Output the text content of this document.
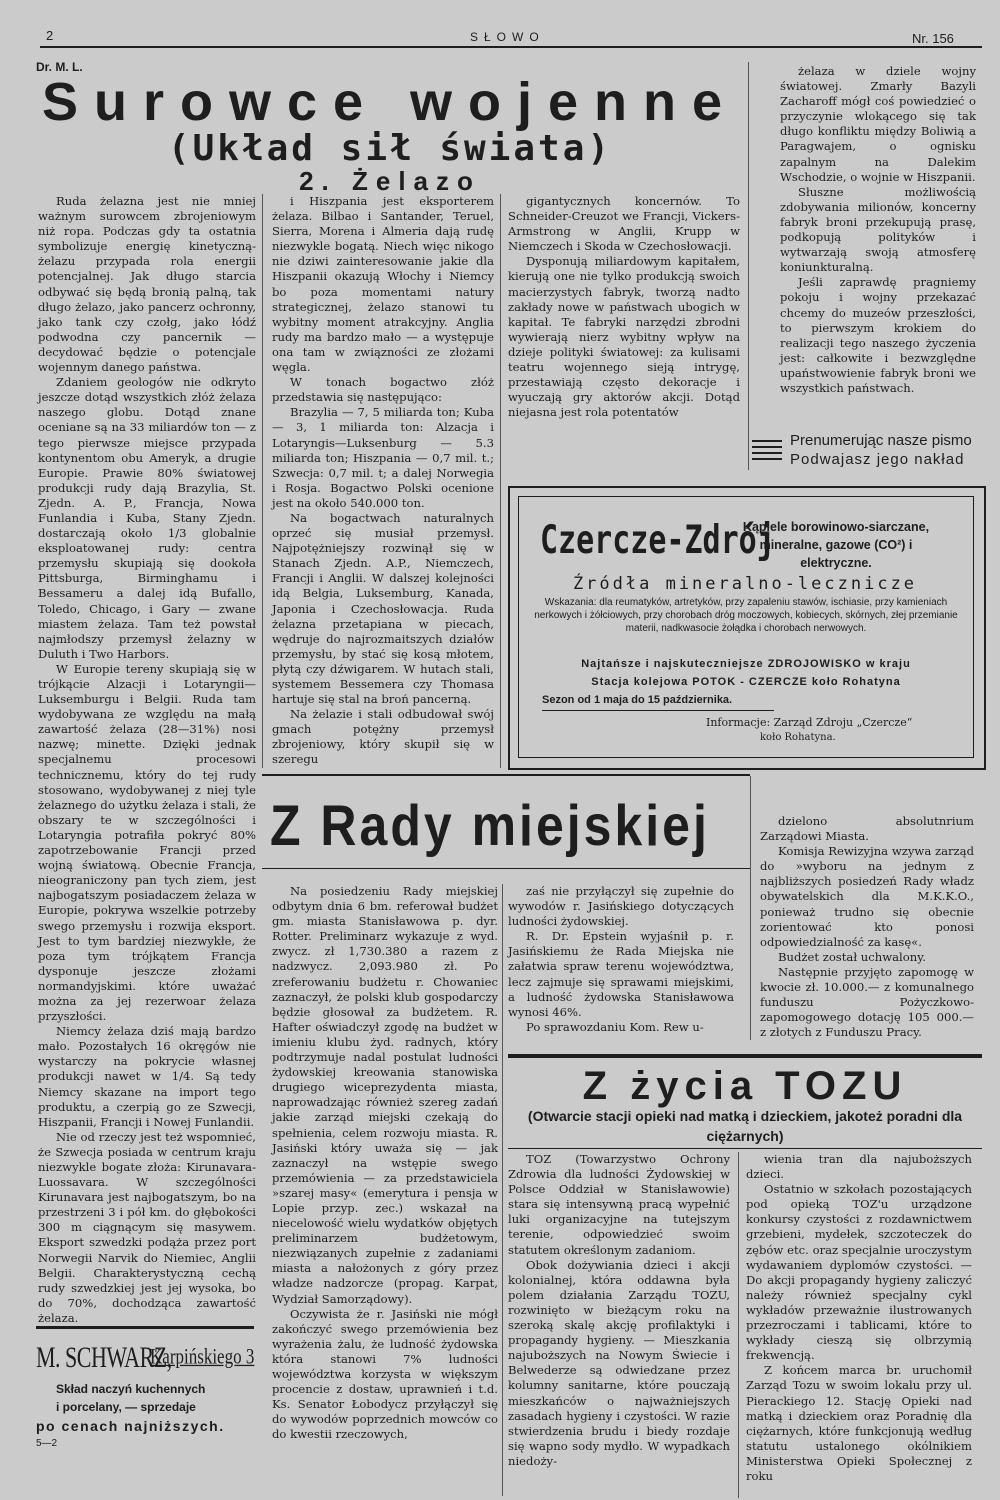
2	SŁOWO	Nr. 156
Dr. M. L.
Surowce wojenne
(Układ sił świata)
2. Żelazo

Ruda żelazna jest nie mniej ważnym surowcem zbrojeniowym niż ropa. Podczas gdy ta ostatnia symbolizuje energię kinetyczną-żelazu przypada rola energii potencjalnej. Jak długo starcia odbywać się będą bronią palną, tak długo żelazo, jako pancerz ochronny, jako tank czy czołg, jako łódź podwodna czy pancernik — decydować będzie o potencjale wojennym danego państwa.

Zdaniem geologów nie odkryto jeszcze dotąd wszystkich złóż żelaza naszego globu. Dotąd znane oceniane są na 33 miliardów ton — z tego pierwsze miejsce przypada kontynentom obu Ameryk, a drugie Europie. Prawie 80% światowej produkcji rudy dają Brazylia, St. Zjedn. A. P., Francja, Nowa Funlandia i Kuba, Stany Zjedn. dostarczają około 1/3 globalnie eksploatowanej rudy: centra przemysłu skupiają się dookoła Pittsburga, Birminghamu i Bessameru a dalej idą Bufallo, Toledo, Chicago, i Gary — zwane miastem żelaza. Tam też powstał najmłodszy przemysł żelazny w Duluth i Two Harbors.

W Europie tereny skupiają się w trójkącie Alzacji i Lotaryngii—Luksemburgu i Belgii. Ruda tam wydobywana ze względu na małą zawartość żelaza (28—31%) nosi nazwę; minette. Dzięki jednak specjalnemu procesowi technicznemu, który do tej rudy stosowano, wydobywanej z niej tyle żelaznego do użytku żelaza i stali, że obszary te w szczególności i Lotaryngia potrafiła pokryć 80% zapotrzebowanie Francji przed wojną światową. Obecnie Francja, nieograniczony pan tych ziem, jest najbogatszym posiadaczem żelaza w Europie, pokrywa wszelkie potrzeby swego przemysłu i rozwija eksport. Jest to tym bardziej niezwykłe, że poza tym trójkątem Francja dysponuje jeszcze złożami normandyjskimi. które uważać można za jej rezerwoar żelaza przyszłości.

Niemcy żelaza dziś mają bardzo mało. Pozostałych 16 okręgów nie wystarczy na pokrycie własnej produkcji nawet w 1/4. Są tedy Niemcy skazane na import tego produktu, a czerpią go ze Szwecji, Hiszpanii, Francji i Nowej Funlandii.

Nie od rzeczy jest też wspomnieć, że Szwecja posiada w centrum kraju niezwykle bogate złoża: Kirunavara-Luossavara. W szczególności Kirunavara jest najbogatszym, bo na przestrzeni 3 i pół km. do głębokości 300 m ciągnącym się masywem. Eksport szwedzki podąża przez port Norwegii Narvik do Niemiec, Anglii Belgii. Charakterystyczną cechą rudy szwedzkiej jest jej wysoka, bo do 70%, dochodząca zawartość żelaza.

i Hiszpania jest eksporterem żelaza. Bilbao i Santander, Teruel, Sierra, Morena i Almeria dają rudę niezwykle bogatą. Niech więc nikogo nie dziwi zainteresowanie jakie dla Hiszpanii okazują Włochy i Niemcy bo poza momentami natury strategicznej, żelazo stanowi tu wybitny moment atrakcyjny. Anglia rudy ma bardzo mało — a występuje ona tam w związności ze złożami węgla.

W tonach bogactwo złóż przedstawia się następująco:

Brazylia — 7, 5 miliarda ton; Kuba — 3, 1 miliarda ton: Alzacja i Lotaryngis—Luksenburg — 5.3 miliarda ton; Hiszpania — 0,7 mil. t.; Szwecja: 0,7 mil. t; a dalej Norwegia i Rosja. Bogactwo Polski ocenione jest na około 540.000 ton.

Na bogactwach naturalnych oprzeć się musiał przemysł. Najpotężniejszy rozwinął się w Stanach Zjedn. A.P., Niemczech, Francji i Anglii. W dalszej kolejności idą Belgia, Luksemburg, Kanada, Japonia i Czechosłowacja. Ruda żelazna przetapiana w piecach, wędruje do najrozmaitszych działów przemysłu, by stać się kosą młotem, płytą czy dźwigarem. W hutach stali, systemem Bessemera czy Thomasa hartuje się stal na broń pancerną.

Na żelazie i stali odbudował swój gmach potężny przemysł zbrojeniowy, który skupił się w szeregu

gigantycznych koncernów. To Schneider-Creuzot we Francji, Vickers-Armstrong w Anglii, Krupp w Niemczech i Skoda w Czechosłowacji.

Dysponują miliardowym kapitałem, kierują one nie tylko produkcją swoich macierzystych fabryk, tworzą nadto zakłady nowe w państwach ubogich w kapitał. Te fabryki narzędzi zbrodni wywierają nierz wybitny wpływ na dzieje polityki światowej: za kulisami teatru wojennego sieją intrygę, przestawiają często dekoracje i wyuczają gry aktorów akcji. Dotąd niejasna jest rola potentatów

żelaza w dziele wojny światowej. Zmarły Bazyli Zacharoff mógł coś powiedzieć o przyczynie wlokącego się tak długo konfliktu między Boliwią a Paragwajem, o ognisku zapalnym na Dalekim Wschodzie, o wojnie w Hiszpanii.

Słuszne możliwością zdobywania milionów, koncerny fabryk broni przekupują prasę, podkopują polityków i wytwarzają swoją atmosferę koniunkturalną.

Jeśli zaprawdę pragniemy pokoju i wojny przekazać chcemy do muzeów przeszłości, to pierwszym krokiem do realizacji tego naszego życzenia jest: całkowite i bezwzględne upaństwowienie fabryk broni we wszystkich państwach.

Prenumerując nasze pismo
Podwajasz jego nakład
Czercze-Zdrój
Kąpiele borowinowo-siarczane, mineralne, gazowe (CO²) i elektryczne.
Źródła mineralno-lecznicze
Wskazania: dla reumatyków, artretyków, przy zapaleniu stawów, ischiasie, przy kamieniach nerkowych i żółciowych, przy chorobach dróg moczowych, kobiecych, skórnych, złej przemianie materii, nadkwasocie żołądka i chorobach nerwowych.
Najtańsze i najskuteczniejsze ZDROJOWISKO w kraju
Stacja kolejowa POTOK - CZERCZE koło Rohatyna
Sezon od 1 maja do 15 października.
Informacje: Zarząd Zdroju „Czercze“
koło Rohatyna.
Z Rady miejskiej

Na posiedzeniu Rady miejskiej odbytym dnia 6 bm. referował budżet gm. miasta Stanisławowa p. dyr. Rotter. Preliminarz wykazuje z wyd. zwycz. zł 1,730.380 a razem z nadzwycz. 2,093.980 zł. Po zreferowaniu budżetu r. Chowaniec zaznaczył, że polski klub gospodarczy będzie głosował za budżetem. R. Hafter oświadczył zgodę na budżet w imieniu klubu żyd. radnych, który podtrzymuje nadal postulat ludności żydowskiej kreowania stanowiska drugiego wiceprezydenta miasta, naprowadzając również szereg zadań jakie zarząd miejski czekają do spełnienia, celem rozwoju miasta. R. Jasiński który uważa się — jak zaznaczył na wstępie swego przemówienia — za przedstawiciela »szarej masy« (emerytura i pensja w Lopie przyp. zec.) wskazał na niecelowość wielu wydatków objętych preliminarzem budżetowym, niezwiązanych zupełnie z zadaniami miasta a nałożonych z góry przez władze nadzorcze (propag. Karpat, Wydział Samorządowy).

Oczywista że r. Jasiński nie mógł zakończyć swego przemówienia bez wyrażenia żalu, że ludność żydowska która stanowi 7% ludności województwa korzysta w większym procencie z dostaw, uprawnień i t.d. Ks. Senator Łobodycz przyłączył się do wywodów poprzednich mowców co do kwestii rzeczowych,

zaś nie przyłączył się zupełnie do wywodów r. Jasińskiego dotyczących ludności żydowskiej.

R. Dr. Epstein wyjaśnił p. r. Jasińskiemu że Rada Miejska nie załatwia spraw terenu województwa, lecz zajmuje się sprawami miejskimi, a ludność żydowska Stanisławowa wynosi 46%.

Po sprawozdaniu Kom. Rew u-

dzielono absolutnrium Zarządowi Miasta.

Komisja Rewizyjna wzywa zarząd do »wyboru na jednym z najbliższych posiedzeń Rady władz obywatelskich dla M.K.K.O., ponieważ trudno się obecnie zorientować kto ponosi odpowiedzialność za kasę«.

Budżet został uchwalony.

Następnie przyjęto zapomogę w kwocie zł. 10.000.— z komunalnego funduszu Pożyczkowo-zapomogowego dotację 105 000.— z złotych z Funduszu Pracy.

Z życia TOZU
(Otwarcie stacji opieki nad matką i dzieckiem, jakoteż poradni dla ciężarnych)

TOZ (Towarzystwo Ochrony Zdrowia dla ludności Żydowskiej w Polsce Oddział w Stanisławowie) stara się intensywną pracą wypełnić luki organizacyjne na tutejszym terenie, odpowiedzieć swoim statutem określonym zadaniom.

Obok dożywiania dzieci i akcji kolonialnej, która oddawna była polem działania Zarządu TOZU, rozwinięto w bieżącym roku na szeroką skalę akcję profilaktyki i propagandy hygieny. — Mieszkania najuboższych na Nowym Świecie i Belwederze są odwiedzane przez kolumny sanitarne, które pouczają mieszkańców o najważniejszych zasadach hygieny i czystości. W razie stwierdzenia brudu i biedy rozdaje się wapno sody mydło. W wypadkach niedoży-

wienia tran dla najuboższych dzieci.

Ostatnio w szkołach pozostających pod opieką TOZ'u urządzone konkursy czystości z rozdawnictwem grzebieni, mydełek, szczoteczek do zębów etc. oraz specjalnie uroczystym wydawaniem dyplomów czystości. — Do akcji propagandy hygieny zaliczyć należy również specjalny cykl wykładów przeważnie ilustrowanych przezroczami i tablicami, które to wykłady cieszą się olbrzymią frekwencją.

Z końcem marca br. uruchomił Zarząd Tozu w swoim lokalu przy ul. Pierackiego 12. Stację Opieki nad matką i dzieckiem oraz Poradnię dla ciężarnych, które funkcjonują według statutu ustalonego okólnikiem Ministerstwa Opieki Społecznej z roku

M. SCHWARZ,
Karpińskiego 3
Skład naczyń kuchennych
i porcelany, — sprzedaje
po cenach najniższych.
5—2
